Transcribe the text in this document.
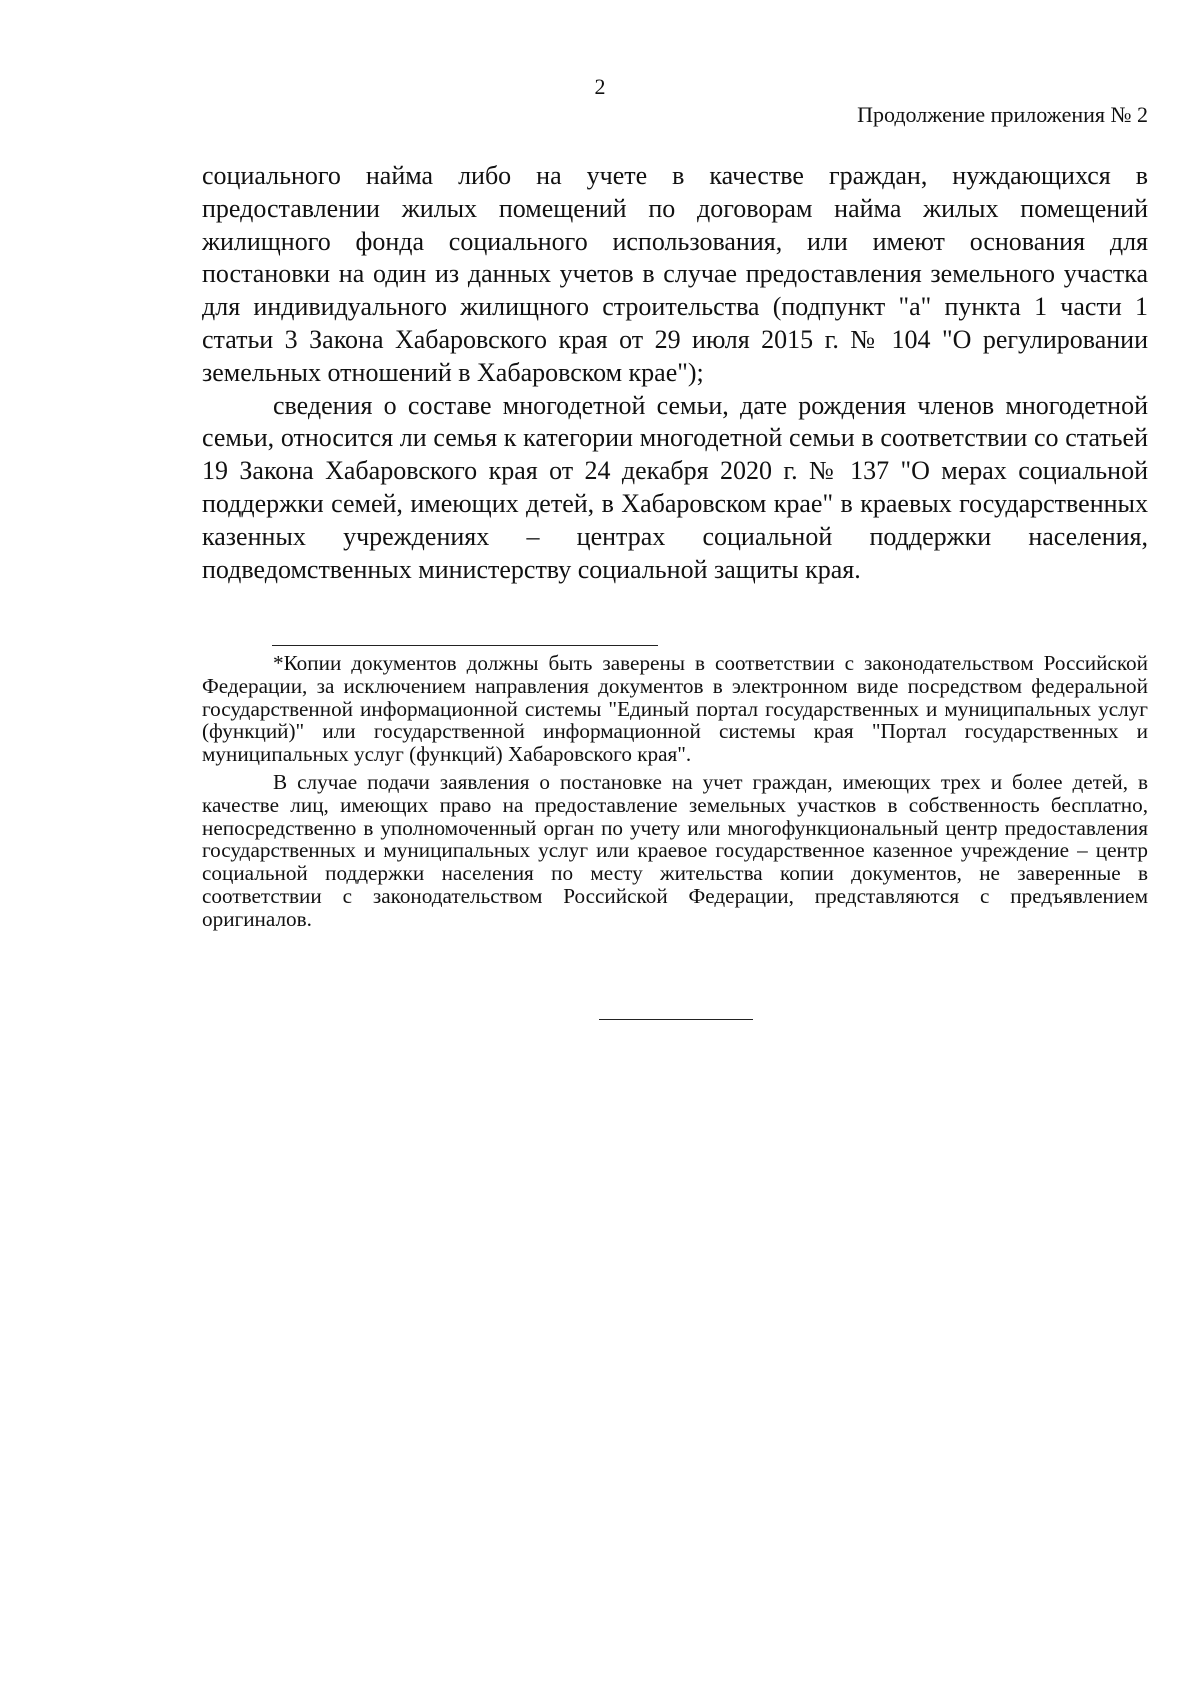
2
Продолжение приложения № 2

социального найма либо на учете в качестве граждан, нуждающихся в предоставлении жилых помещений по договорам найма жилых помещений жилищного фонда социального использования, или имеют основания для постановки на один из данных учетов в случае предоставления земельного участка для индивидуального жилищного строительства (подпункт "а" пункта 1 части 1 статьи 3 Закона Хабаровского края от 29 июля 2015 г. № 104 "О регулировании земельных отношений в Хабаровском крае");

сведения о составе многодетной семьи, дате рождения членов многодетной семьи, относится ли семья к категории многодетной семьи в соответствии со статьей 19 Закона Хабаровского края от 24 декабря 2020 г. № 137 "О мерах социальной поддержки семей, имеющих детей, в Хабаровском крае" в краевых государственных казенных учреждениях – центрах социальной поддержки населения, подведомственных министерству социальной защиты края.

*Копии документов должны быть заверены в соответствии с законодательством Российской Федерации, за исключением направления документов в электронном виде посредством федеральной государственной информационной системы "Единый портал государственных и муниципальных услуг (функций)" или государственной информационной системы края "Портал государственных и муниципальных услуг (функций) Хабаровского края".

В случае подачи заявления о постановке на учет граждан, имеющих трех и более детей, в качестве лиц, имеющих право на предоставление земельных участков в собственность бесплатно, непосредственно в уполномоченный орган по учету или многофункциональный центр предоставления государственных и муниципальных услуг или краевое государственное казенное учреждение – центр социальной поддержки населения по месту жительства копии документов, не заверенные в соответствии с законодательством Российской Федерации, представляются с предъявлением оригиналов.
